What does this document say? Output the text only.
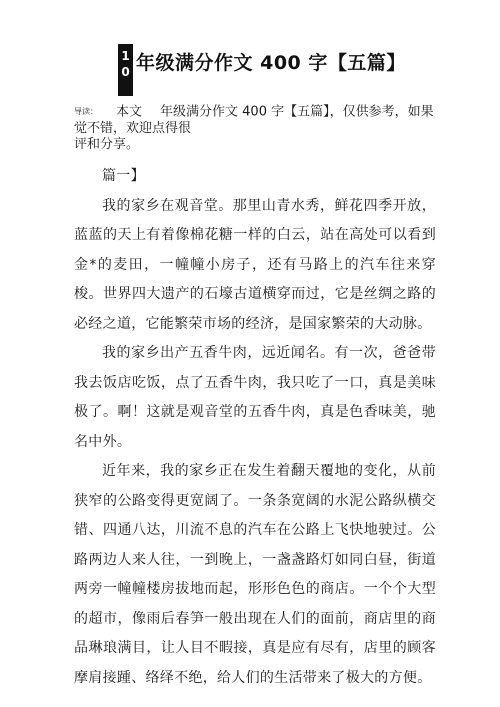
1
0 年级满分作文 400 字【五篇】
导读： 本文 年级满分作文 400 字【五篇】，仅供参考，如果觉不错，欢迎点得很
评和分享。

篇一】

我的家乡在观音堂。那里山青水秀，鲜花四季开放，蓝蓝的天上有着像棉花糖一样的白云，站在高处可以看到金*的麦田，一幢幢小房子，还有马路上的汽车往来穿梭。世界四大遗产的石壕古道横穿而过，它是丝绸之路的必经之道，它能繁荣市场的经济，是国家繁荣的大动脉。

我的家乡出产五香牛肉，远近闻名。有一次，爸爸带我去饭店吃饭，点了五香牛肉，我只吃了一口，真是美味极了。啊！这就是观音堂的五香牛肉，真是色香味美，驰名中外。

近年来，我的家乡正在发生着翻天覆地的变化，从前狭窄的公路变得更宽阔了。一条条宽阔的水泥公路纵横交错、四通八达，川流不息的汽车在公路上飞快地驶过。公路两边人来人往，一到晚上，一盏盏路灯如同白昼，街道两旁一幢幢楼房拔地而起，形形色色的商店。一个个大型的超市，像雨后春笋一般出现在人们的面前，商店里的商品琳琅满目，让人目不暇接，真是应有尽有，店里的顾客摩肩接踵、络绎不绝，给人们的生活带来了极大的方便。
